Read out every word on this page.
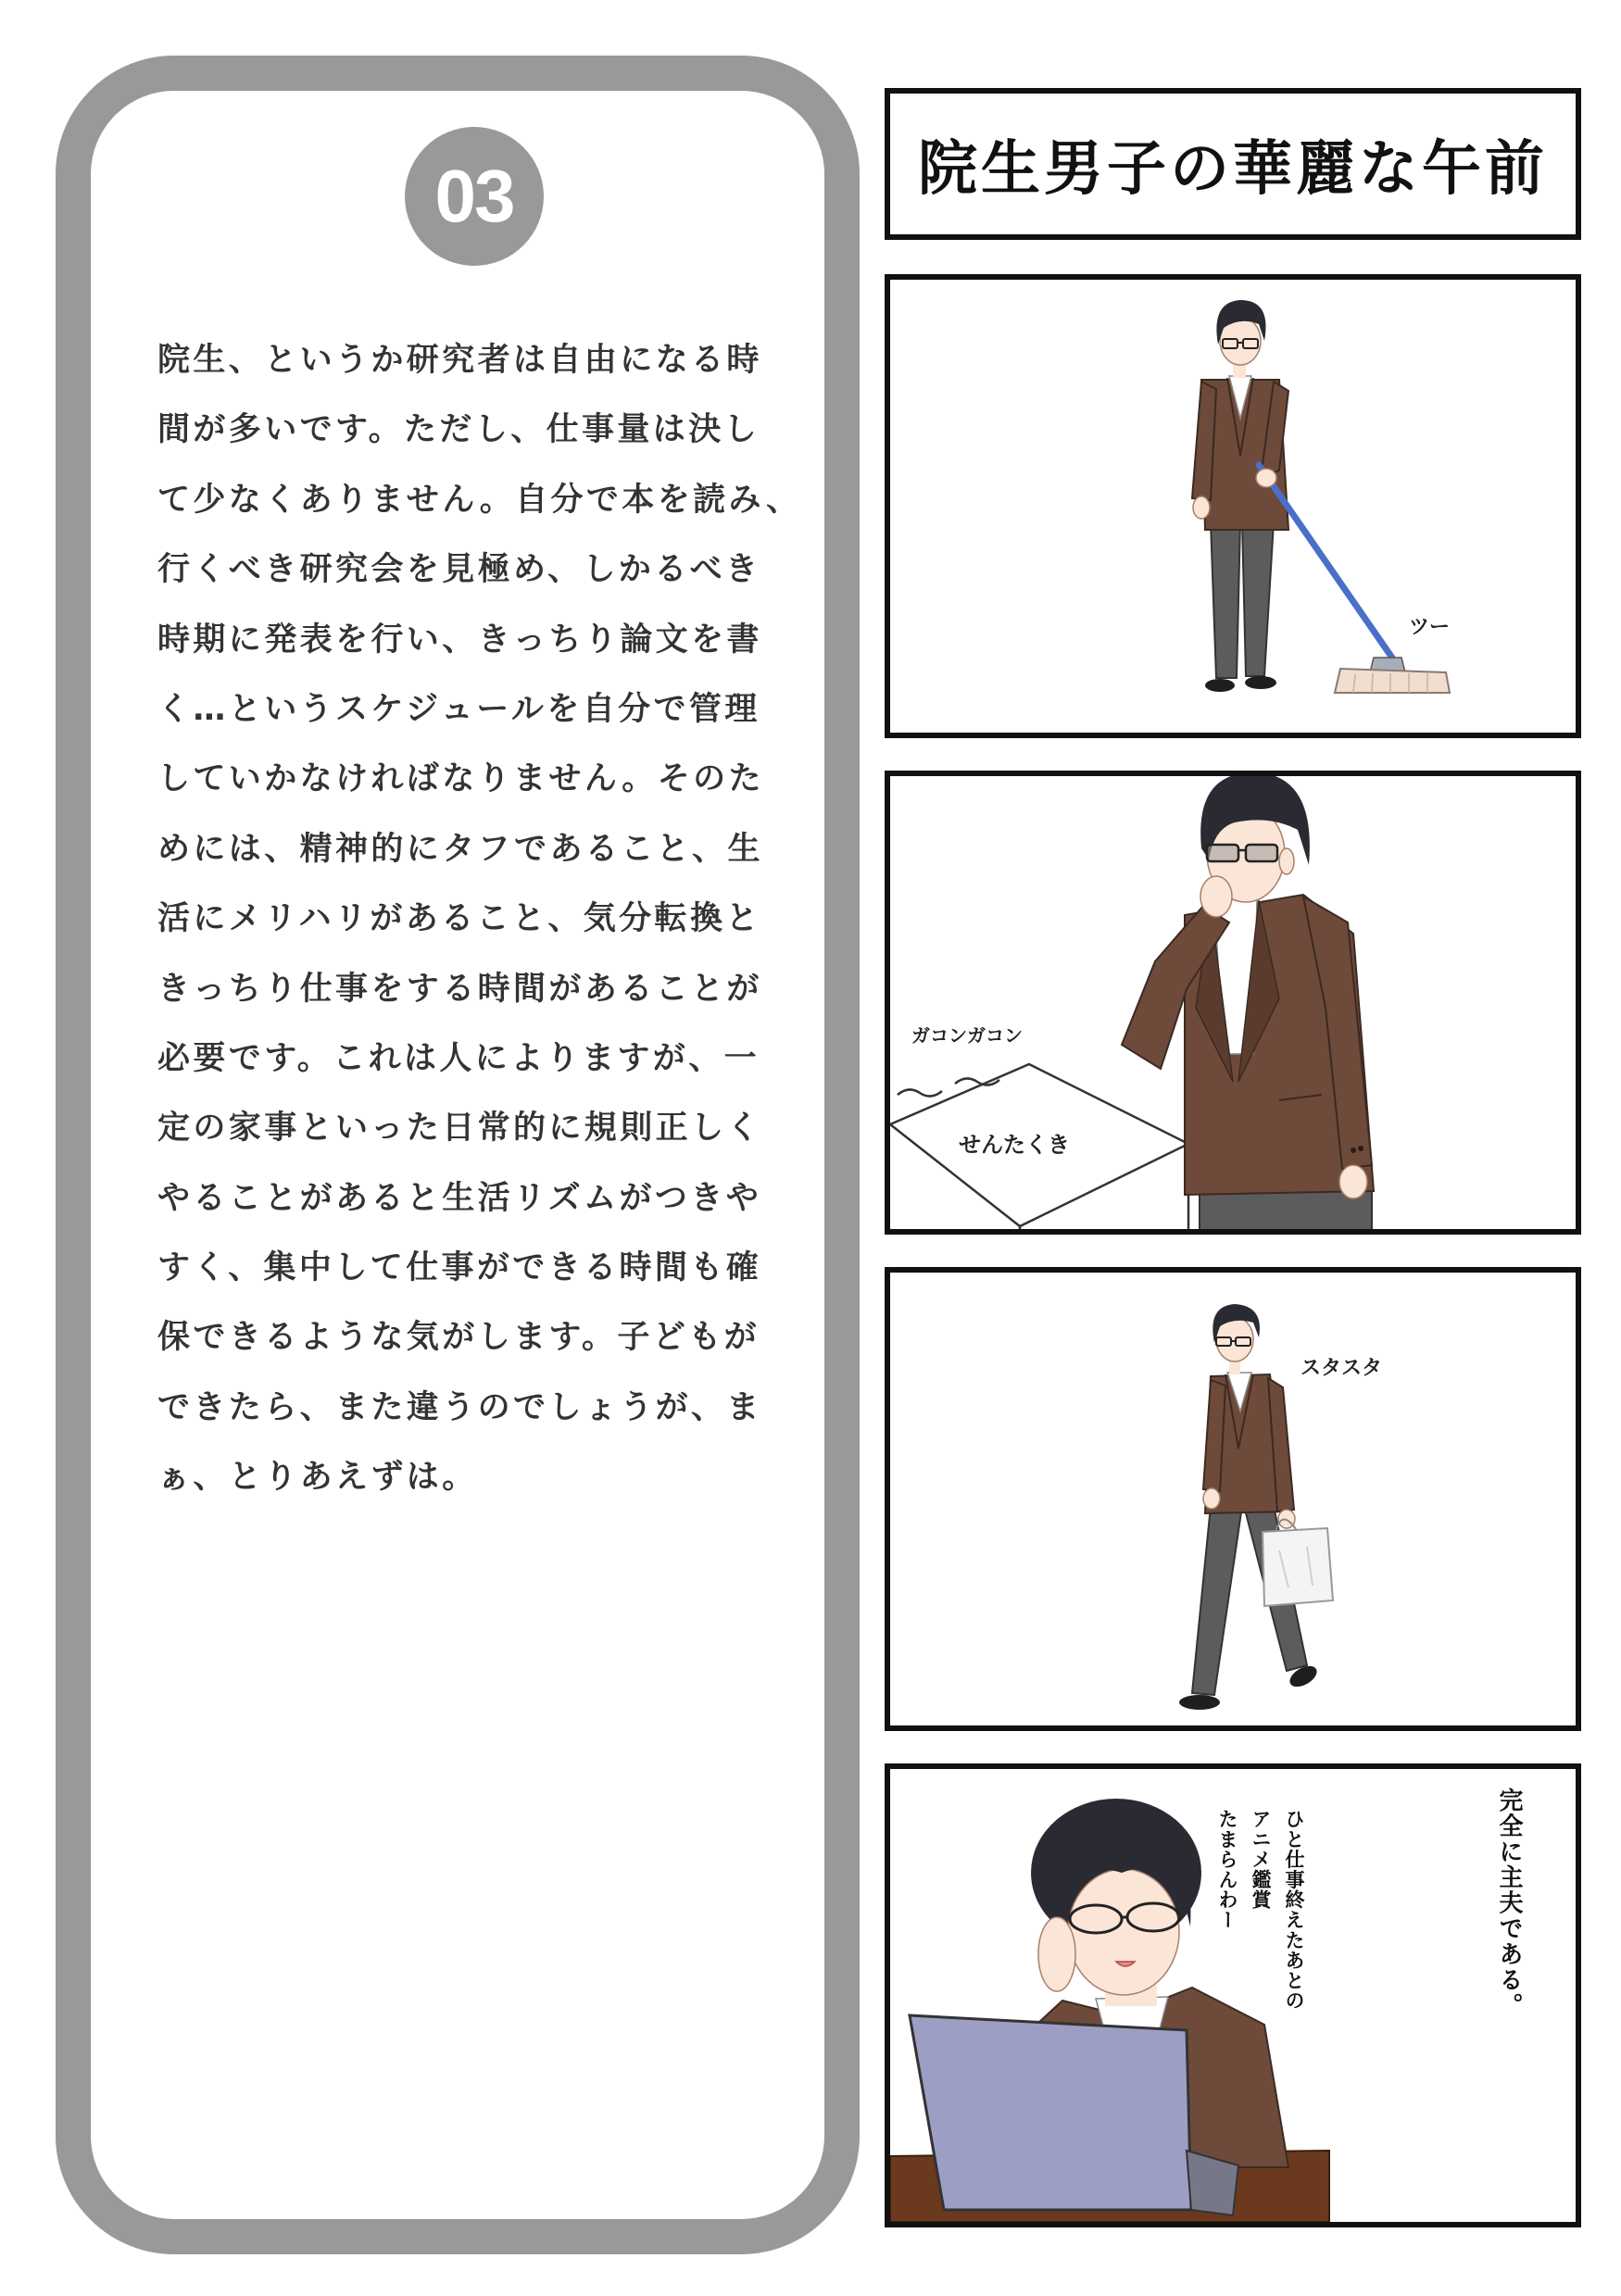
03
院生、というか研究者は自由になる時
間が多いです。ただし、仕事量は決し
て少なくありません。自分で本を読み、
行くべき研究会を見極め、しかるべき
時期に発表を行い、きっちり論文を書
く…というスケジュールを自分で管理
していかなければなりません。そのた
めには、精神的にタフであること、生
活にメリハリがあること、気分転換と
きっちり仕事をする時間があることが
必要です。これは人によりますが、一
定の家事といった日常的に規則正しく
やることがあると生活リズムがつきや
すく、集中して仕事ができる時間も確
保できるような気がします。子どもが
できたら、また違うのでしょうが、ま
ぁ、とりあえずは。
院生男子の華麗な午前
ツー
ガコンガコン
せんたくき
スタスタ
完全に主夫である。
ひと仕事終えたあとの
アニメ鑑賞
たまらんわー
